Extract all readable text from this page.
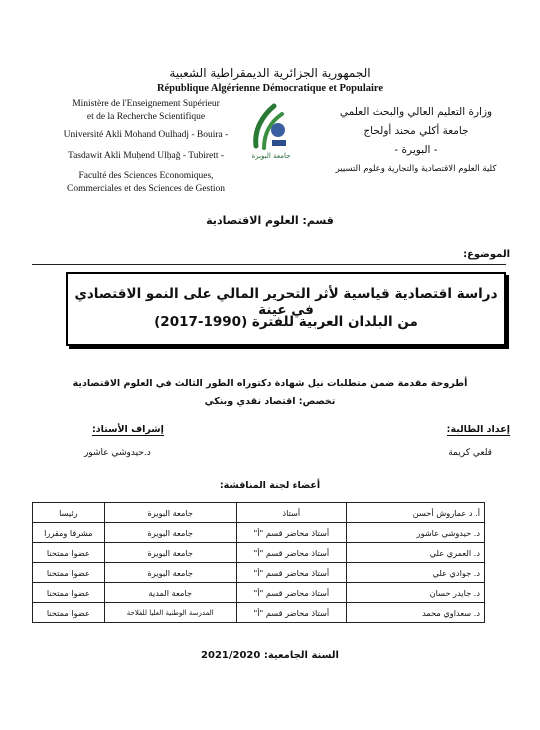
الجمهورية الجزائرية الديمقراطية الشعبية
République Algérienne Démocratique et Populaire
Ministère de l'Enseignement Supérieur
et de la Recherche Scientifique
Université Akli Mohand Oulhadj - Bouira -
Tasdawit Akli Muḥend Ulḥağ - Tubirett -
Faculté des Sciences Economiques,
Commerciales et des Sciences de Gestion
جامعة البويرة
وزارة التعليم العالي والبحث العلمي
جامعة أكلي محند أولحاج
- البويرة -
كلية العلوم الاقتصادية والتجارية وعلوم التسيير
قسم: العلوم الاقتصادية
الموضوع:
دراسة اقتصادية قياسية لأثر التحرير المالي على النمو الاقتصادي في عينة
من البلدان العربية للفترة (1990-2017)
أطروحة مقدمة ضمن متطلبات نيل شهادة دكتوراه الطور الثالث في العلوم الاقتصادية
تخصص: اقتصاد نقدي وبنكي
إعداد الطالبة:
قلعي كريمة
إشراف الأستاذ:
د.حيدوشي عاشور
أعضاء لجنة المناقشة:
أ. د عماروش أحسن	أستاذ	جامعة البويرة	رئيسا
د. حيدوشي عاشور	أستاذ محاضر قسم "أ"	جامعة البويرة	مشرفا ومقررا
د. العمري علي	أستاذ محاضر قسم "أ"	جامعة البويرة	عضوا ممتحنا
د. جوادي علي	أستاذ محاضر قسم "أ"	جامعة البويرة	عضوا ممتحنا
د. جايدر حسان	أستاذ محاضر قسم "أ"	جامعة المدية	عضوا ممتحنا
د. سعداوي محمد	أستاذ محاضر قسم "أ"	المدرسة الوطنية العليا للفلاحة	عضوا ممتحنا
السنة الجامعية: 2021/2020
